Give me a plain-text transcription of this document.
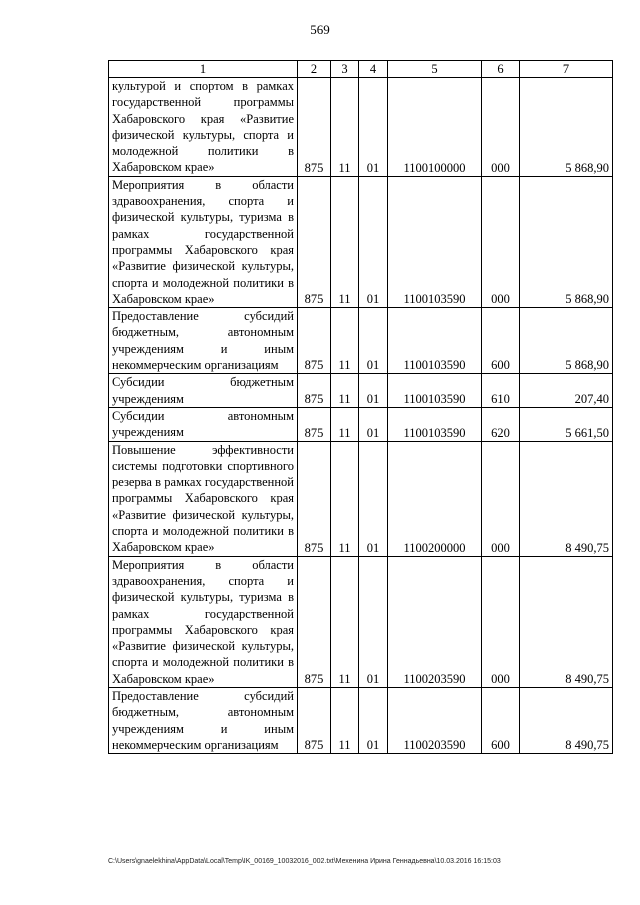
569
1	2	3	4	5	6	7
культурой и спортом в рамках государственной программы Хабаровского края «Развитие физической культуры, спорта и молодежной политики в Хабаровском крае»	875	11	01	1100100000	000	5 868,90
Мероприятия в области здравоохранения, спорта и физической культуры, туризма в рамках государственной программы Хабаровского края «Развитие физической культуры, спорта и молодежной политики в Хабаровском крае»	875	11	01	1100103590	000	5 868,90
Предоставление субсидий бюджетным, автономным учреждениям и иным некоммерческим организациям	875	11	01	1100103590	600	5 868,90
Субсидии бюджетным учреждениям	875	11	01	1100103590	610	207,40
Субсидии автономным учреждениям	875	11	01	1100103590	620	5 661,50
Повышение эффективности системы подготовки спортивного резерва в рамках государственной программы Хабаровского края «Развитие физической культуры, спорта и молодежной политики в Хабаровском крае»	875	11	01	1100200000	000	8 490,75
Мероприятия в области здравоохранения, спорта и физической культуры, туризма в рамках государственной программы Хабаровского края «Развитие физической культуры, спорта и молодежной политики в Хабаровском крае»	875	11	01	1100203590	000	8 490,75
Предоставление субсидий бюджетным, автономным учреждениям и иным некоммерческим организациям	875	11	01	1100203590	600	8 490,75
C:\Users\gnaelekhina\AppData\Local\Temp\IK_00169_10032016_002.txt\Мехенина Ирина Геннадьевна\10.03.2016 16:15:03
